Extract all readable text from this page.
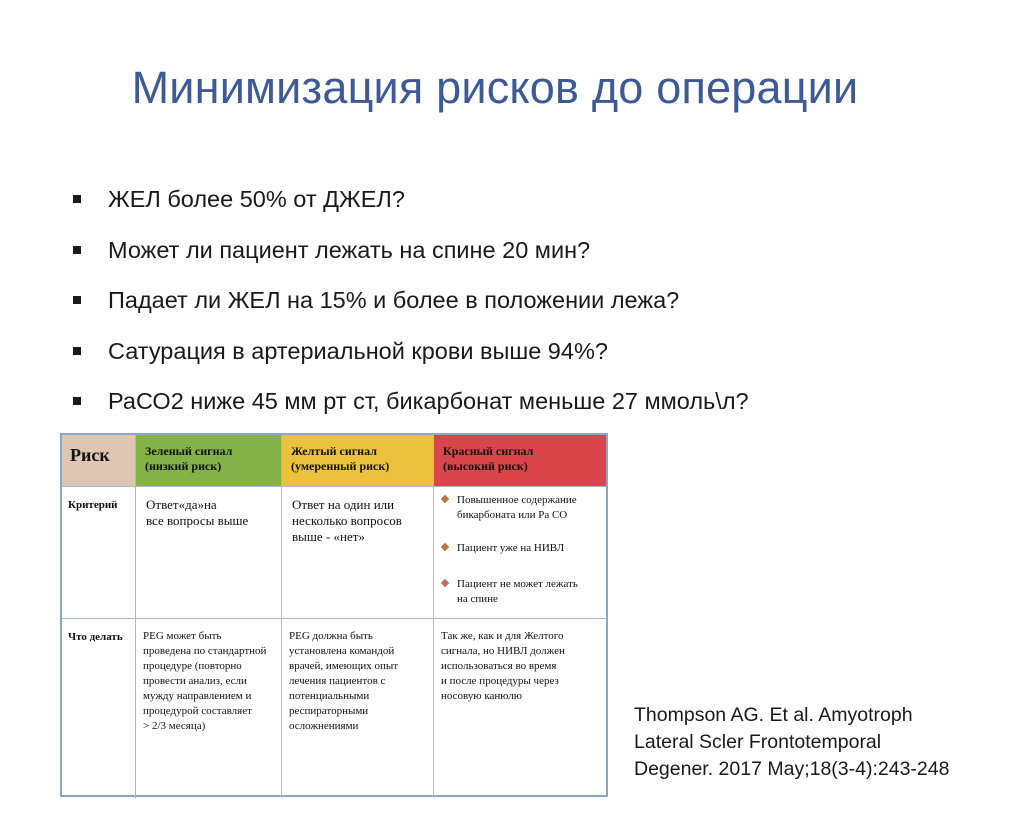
Минимизация рисков до операции
ЖЕЛ более 50% от ДЖЕЛ?
Может ли пациент лежать на спине 20 мин?
Падает ли ЖЕЛ на 15% и более в положении лежа?
Сатурация в артериальной крови выше 94%?
РаСО2 ниже 45 мм рт ст, бикарбонат меньше 27 ммоль\л?
Риск	Зеленый сигнал
(низкий риск)
Желтый сигнал
(умеренный риск)
Красный сигнал
(высокий риск)
Критерий Ответ«да»на
все вопросы выше
Ответ на один или
несколько вопросов
выше - «нет»
Повышенное содержание
бикарбоната или Ра СО
Пациент уже на НИВЛ
Пациент не может лежать
на спине
Что делать PEG может быть
проведена по стандартной
процедуре (повторно
провести анализ, если
мужду направлением и
процедурой составляет
> 2/3 месяца)
PEG должна быть
установлена командой
врачей, имеющих опыт
лечения пациентов с
потенциальными
респираторными
осложнениями
Так же, как и для Желтого
сигнала, но НИВЛ должен
использоваться во время
и после процедуры через
носовую канюлю
Thompson AG. Et al. Amyotroph
Lateral Scler Frontotemporal
Degener. 2017 May;18(3-4):243-248
